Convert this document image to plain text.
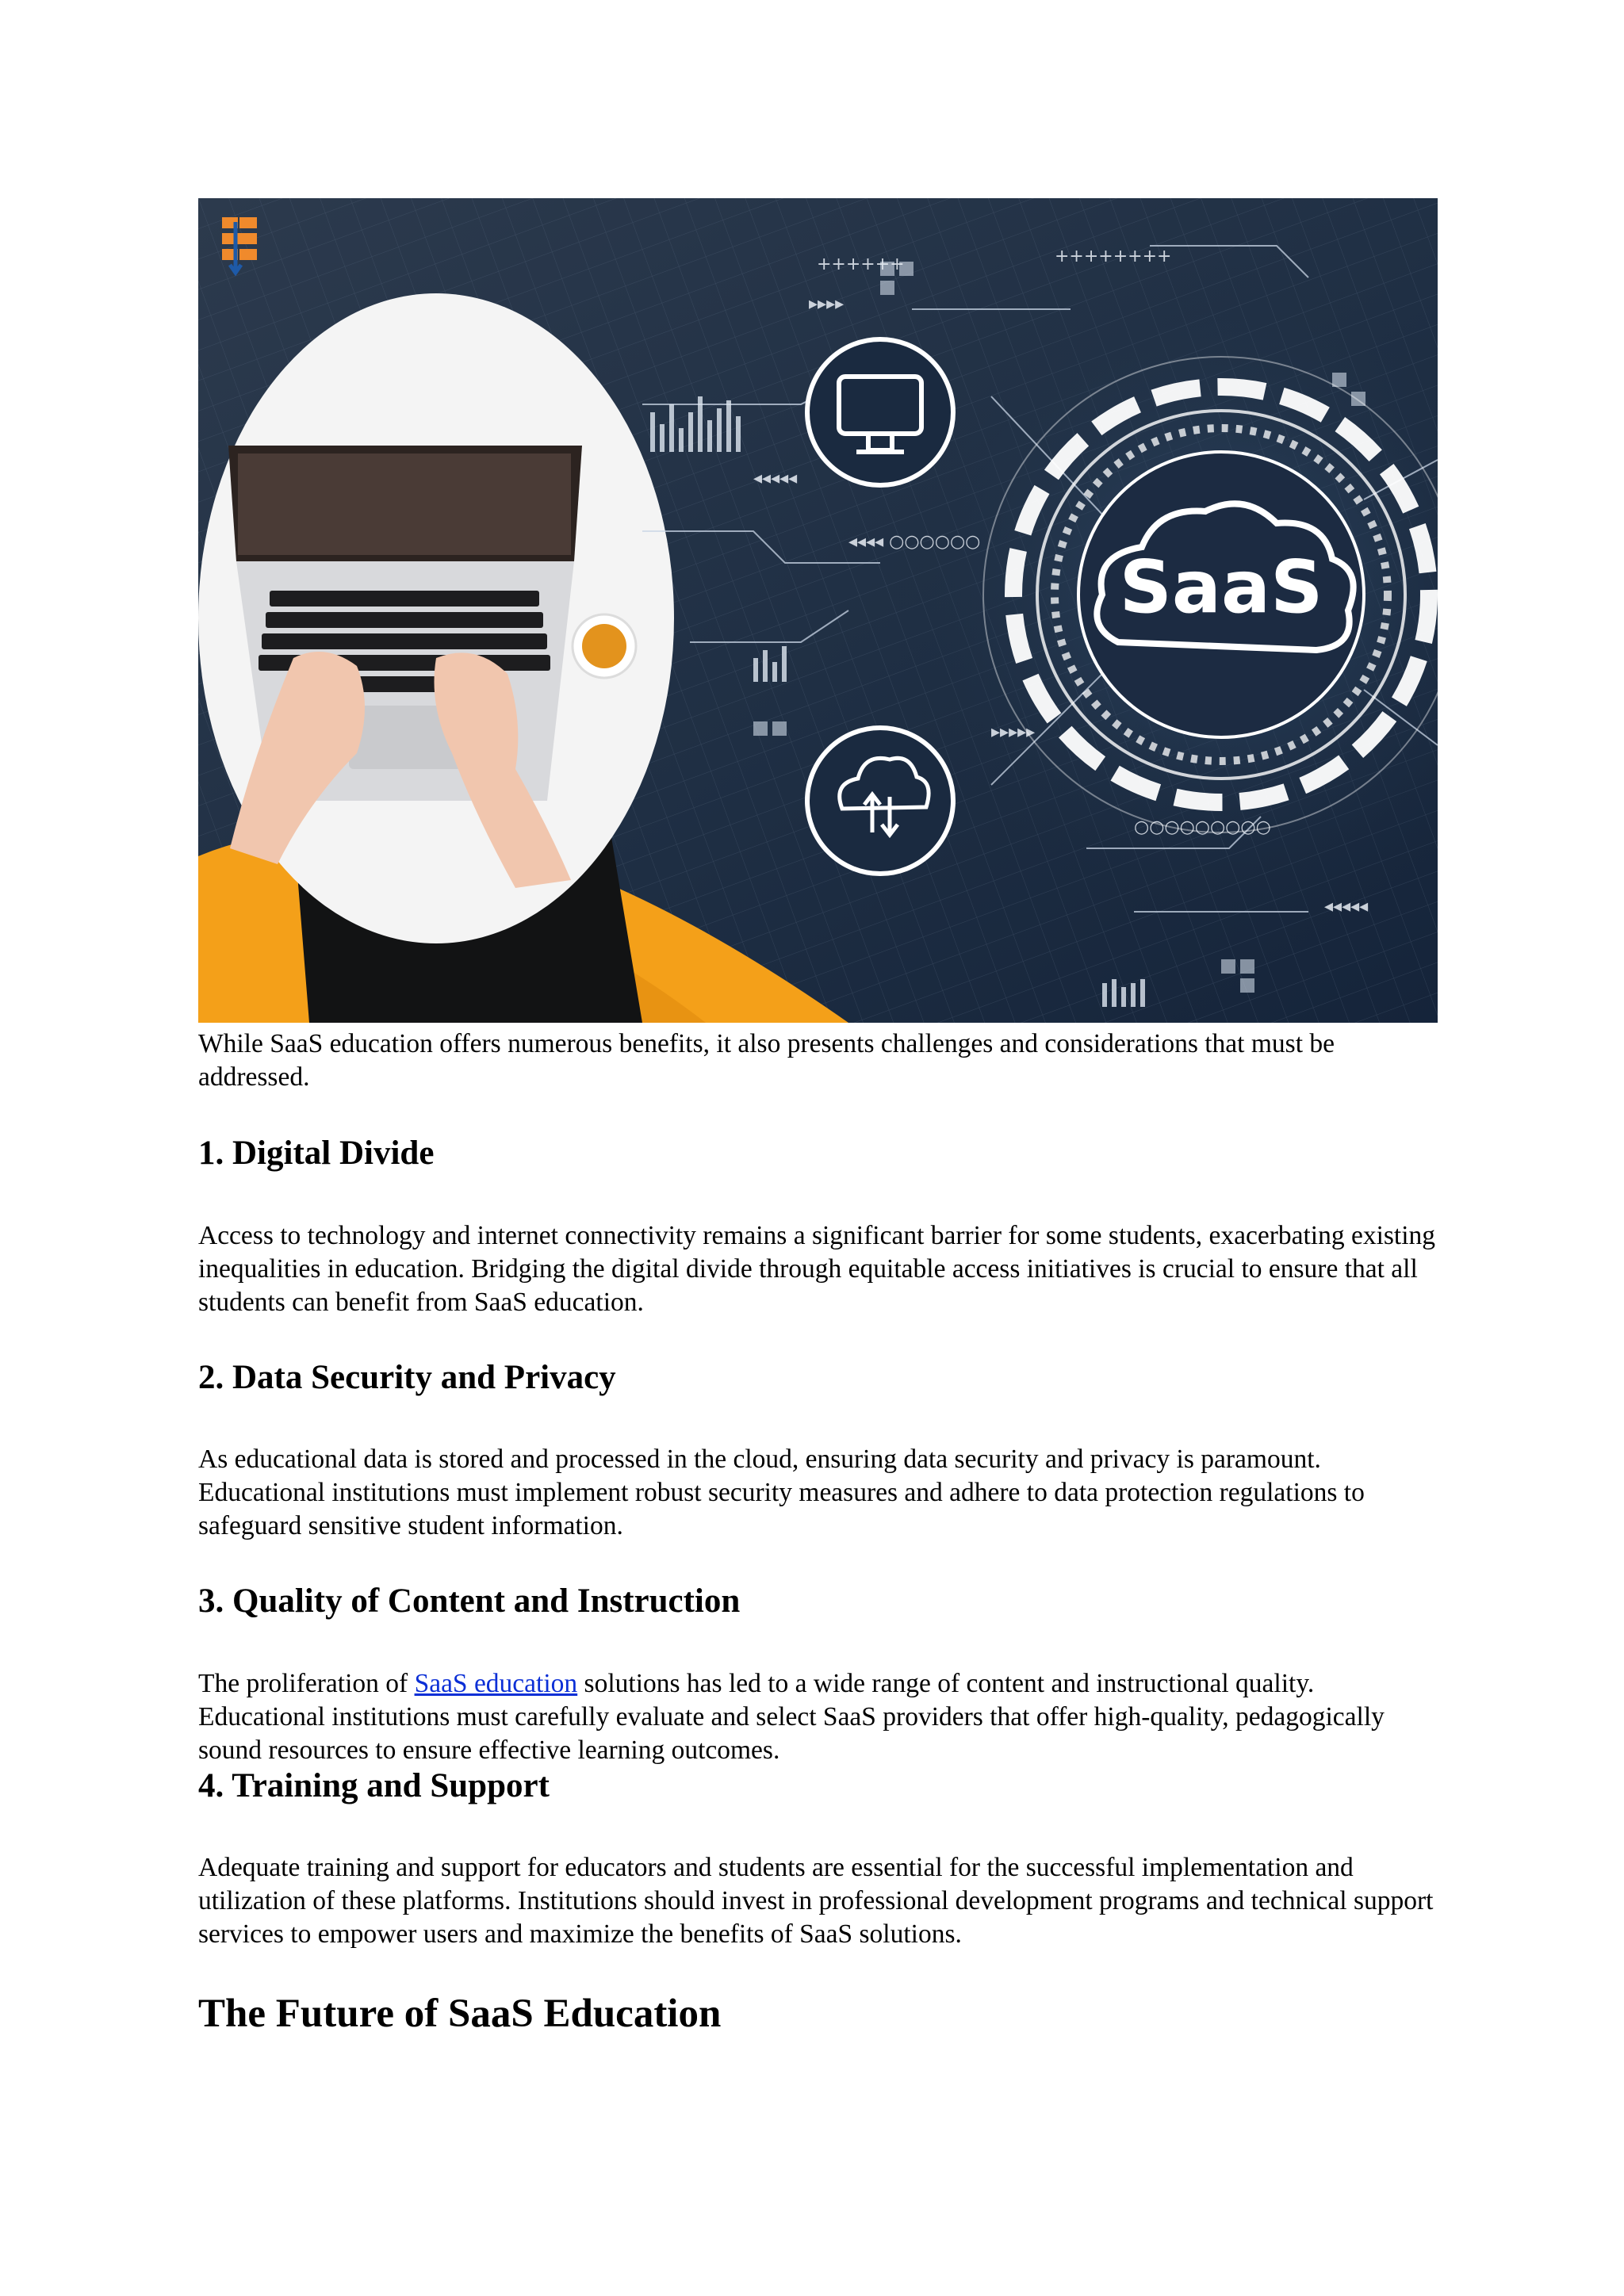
▸▸▸▸
◂◂◂◂ ○○○○○○
◂◂◂◂◂
◂◂◂◂◂
▸▸▸▸▸
○○○○○○○○○
++++++++
++++++
SaaS

While SaaS education offers numerous benefits, it also presents challenges and considerations that must be addressed.

1. Digital Divide

Access to technology and internet connectivity remains a significant barrier for some students, exacerbating existing inequalities in education. Bridging the digital divide through equitable access initiatives is crucial to ensure that all students can benefit from SaaS education.

2. Data Security and Privacy

As educational data is stored and processed in the cloud, ensuring data security and privacy is paramount. Educational institutions must implement robust security measures and adhere to data protection regulations to safeguard sensitive student information.

3. Quality of Content and Instruction

The proliferation of SaaS education solutions has led to a wide range of content and instructional quality. Educational institutions must carefully evaluate and select SaaS providers that offer high-quality, pedagogically sound resources to ensure effective learning outcomes.

4. Training and Support

Adequate training and support for educators and students are essential for the successful implementation and utilization of these platforms. Institutions should invest in professional development programs and technical support services to empower users and maximize the benefits of SaaS solutions.

The Future of SaaS Education
